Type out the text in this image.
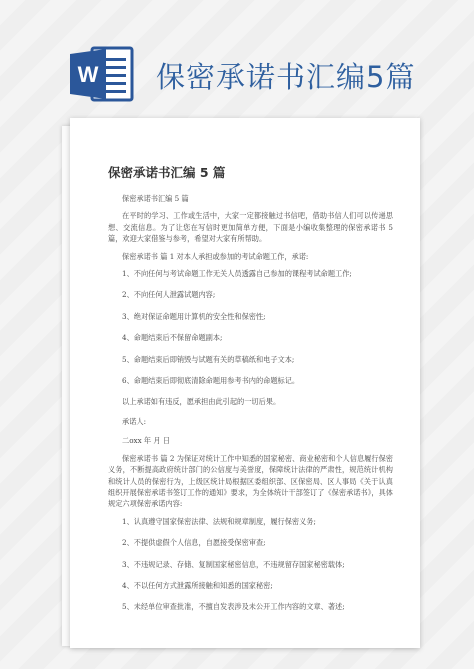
W 保密承诺书汇编5篇
保密承诺书汇编 5 篇

保密承诺书汇编 5 篇

在平时的学习、工作或生活中，大家一定都接触过书信吧，借助书信人们可以传递思想、交流信息。为了让您在写信时更加简单方便，下面是小编收集整理的保密承诺书 5 篇，欢迎大家借鉴与参考，希望对大家有所帮助。

保密承诺书 篇 1 对本人承担或参加的考试命题工作，承诺:

1、不向任何与考试命题工作无关人员透露自己参加的课程考试命题工作;

2、不向任何人泄露试题内容;

3、绝对保证命题用计算机的安全性和保密性;

4、命题结束后不保留命题副本;

5、命题结束后即销毁与试题有关的草稿纸和电子文本;

6、命题结束后即彻底清除命题用参考书内的命题标记。

以上承诺如有违反，愿承担由此引起的一切后果。

承诺人:

二oxx 年 月 日

保密承诺书 篇 2 为保证对统计工作中知悉的国家秘密、商业秘密和个人信息履行保密义务，不断提高政府统计部门的公信度与美誉度，保障统计法律的严肃性，规范统计机构和统计人员的保密行为，上级区统计局根据区委组织部、区保密局、区人事局《关于认真组织开展保密承诺书签订工作的通知》要求，为全体统计干部签订了《保密承诺书》，具体规定六项保密承诺内容:

1、认真遵守国家保密法律、法规和规章制度，履行保密义务;

2、不提供虚假个人信息，自愿接受保密审查;

3、不违规记录、存储、复制国家秘密信息，不违规留存国家秘密载体;

4、不以任何方式泄露所接触和知悉的国家秘密;

5、未经单位审查批准，不擅自发表涉及未公开工作内容的文章、著述;
